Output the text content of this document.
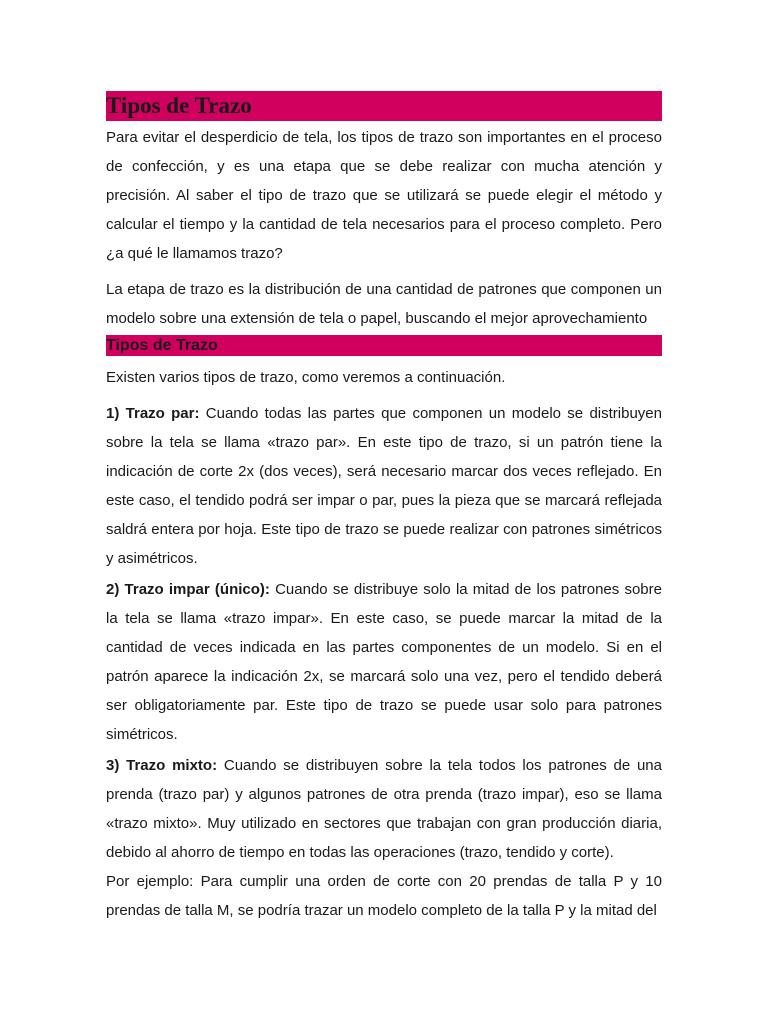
Tipos de Trazo

Para evitar el desperdicio de tela, los tipos de trazo son importantes en el proceso de confección, y es una etapa que se debe realizar con mucha atención y precisión. Al saber el tipo de trazo que se utilizará se puede elegir el método y calcular el tiempo y la cantidad de tela necesarios para el proceso completo. Pero ¿a qué le llamamos trazo?

La etapa de trazo es la distribución de una cantidad de patrones que componen un modelo sobre una extensión de tela o papel, buscando el mejor aprovechamiento

Tipos de Trazo

Existen varios tipos de trazo, como veremos a continuación.

1) Trazo par: Cuando todas las partes que componen un modelo se distribuyen sobre la tela se llama «trazo par». En este tipo de trazo, si un patrón tiene la indicación de corte 2x (dos veces), será necesario marcar dos veces reflejado. En este caso, el tendido podrá ser impar o par, pues la pieza que se marcará reflejada saldrá entera por hoja. Este tipo de trazo se puede realizar con patrones simétricos y asimétricos.

2) Trazo impar (único): Cuando se distribuye solo la mitad de los patrones sobre la tela se llama «trazo impar». En este caso, se puede marcar la mitad de la cantidad de veces indicada en las partes componentes de un modelo. Si en el patrón aparece la indicación 2x, se marcará solo una vez, pero el tendido deberá ser obligatoriamente par. Este tipo de trazo se puede usar solo para patrones simétricos.

3) Trazo mixto: Cuando se distribuyen sobre la tela todos los patrones de una prenda (trazo par) y algunos patrones de otra prenda (trazo impar), eso se llama «trazo mixto». Muy utilizado en sectores que trabajan con gran producción diaria, debido al ahorro de tiempo en todas las operaciones (trazo, tendido y corte).

Por ejemplo: Para cumplir una orden de corte con 20 prendas de talla P y 10 prendas de talla M, se podría trazar un modelo completo de la talla P y la mitad del
